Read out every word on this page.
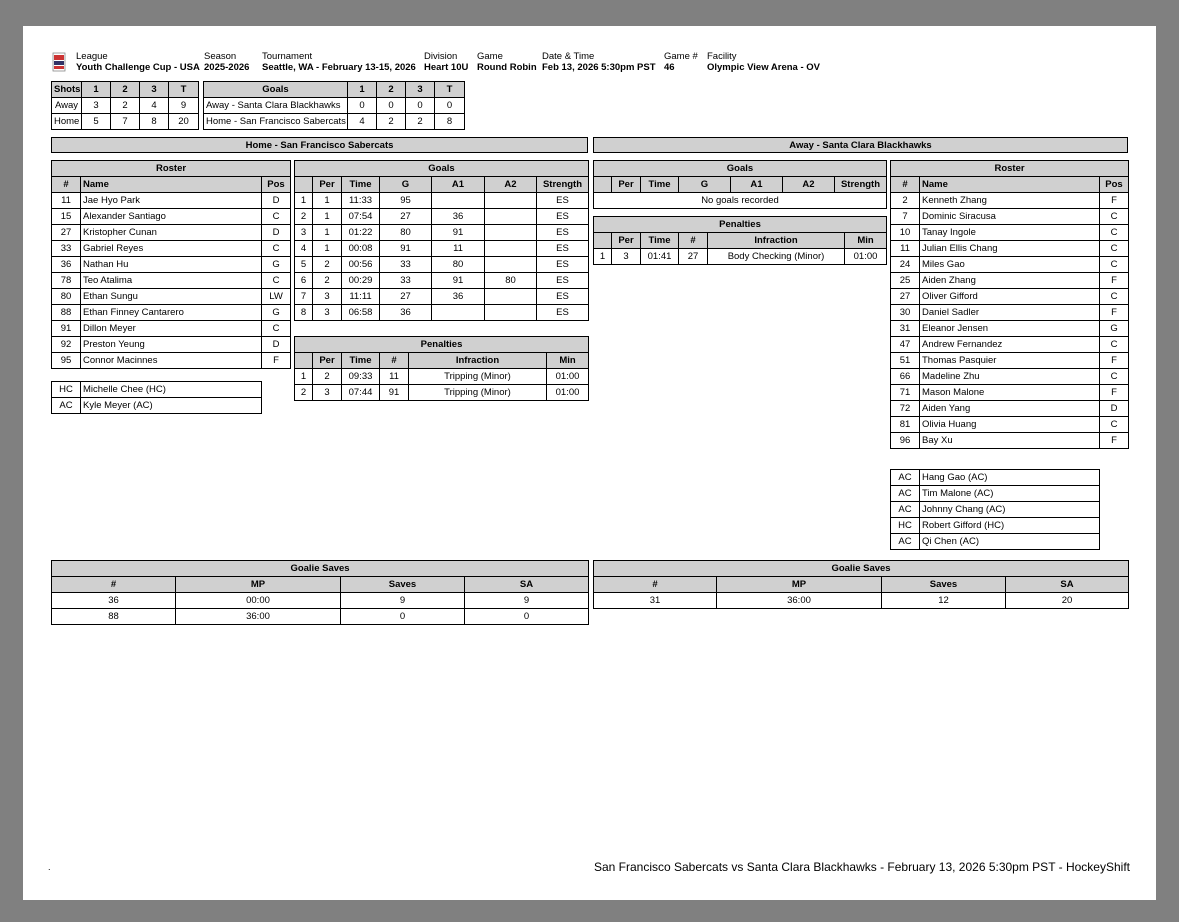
League
Youth Challenge Cup - USA
Season
2025-2026
Tournament
Seattle, WA - February 13-15, 2026
Division
Heart 10U
Game
Round Robin
Date & Time
Feb 13, 2026 5:30pm PST
Game #
46
Facility
Olympic View Arena - OV
Shots	1	2	3	T
Away	3	2	4	9
Home	5	7	8	20
Goals	1	2	3	T
Away - Santa Clara Blackhawks	0	0	0	0
Home - San Francisco Sabercats	4	2	2	8
Home - San Francisco Sabercats	Away - Santa Clara Blackhawks
Roster		
#	Name	Pos
11	Jae Hyo Park	D
15	Alexander Santiago	C
27	Kristopher Cunan	D
33	Gabriel Reyes	C
36	Nathan Hu	G
78	Teo Atalima	C
80	Ethan Sungu	LW
88	Ethan Finney Cantarero	G
91	Dillon Meyer	C
92	Preston Yeung	D
95	Connor Macinnes	F
HC	Michelle Chee (HC)
AC	Kyle Meyer (AC)
Goals						
	Per	Time	G	A1	A2	Strength
1	1	11:33	95			ES
2	1	07:54	27	36		ES
3	1	01:22	80	91		ES
4	1	00:08	91	11		ES
5	2	00:56	33	80		ES
6	2	00:29	33	91	80	ES
7	3	11:11	27	36		ES
8	3	06:58	36			ES
Penalties					
	Per	Time	#	Infraction	Min
1	2	09:33	11	Tripping (Minor)	01:00
2	3	07:44	91	Tripping (Minor)	01:00
Goals
	Per	Time	G	A1	A2	Strength
No goals recorded
Penalties					
	Per	Time	#	Infraction	Min
1	3	01:41	27	Body Checking (Minor)	01:00
Roster		
#	Name	Pos
2	Kenneth Zhang	F
7	Dominic Siracusa	C
10	Tanay Ingole	C
11	Julian Ellis Chang	C
24	Miles Gao	C
25	Aiden Zhang	F
27	Oliver Gifford	C
30	Daniel Sadler	F
31	Eleanor Jensen	G
47	Andrew Fernandez	C
51	Thomas Pasquier	F
66	Madeline Zhu	C
71	Mason Malone	F
72	Aiden Yang	D
81	Olivia Huang	C
96	Bay Xu	F
AC	Hang Gao (AC)
AC	Tim Malone (AC)
AC	Johnny Chang (AC)
HC	Robert Gifford (HC)
AC	Qi Chen (AC)
Goalie Saves			
#	MP	Saves	SA
36	00:00	9	9
88	36:00	0	0
Goalie Saves			
#	MP	Saves	SA
31	36:00	12	20
.	San Francisco Sabercats vs Santa Clara Blackhawks - February 13, 2026 5:30pm PST - HockeyShift
